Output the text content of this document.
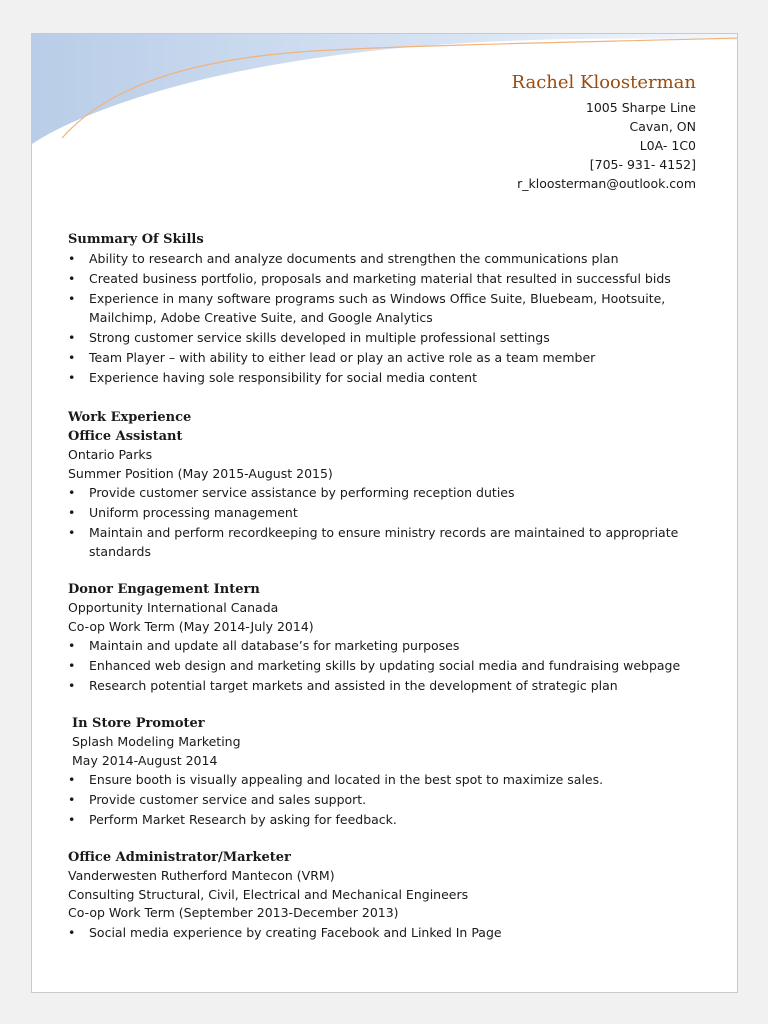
Rachel Kloosterman
1005 Sharpe Line
Cavan, ON
L0A- 1C0
[705- 931- 4152]
r_kloosterman@outlook.com
Summary Of Skills
• Ability to research and analyze documents and strengthen the communications plan
• Created business portfolio, proposals and marketing material that resulted in successful bids
• Experience in many software programs such as Windows Office Suite, Bluebeam, Hootsuite,
Mailchimp, Adobe Creative Suite, and Google Analytics
• Strong customer service skills developed in multiple professional settings
• Team Player – with ability to either lead or play an active role as a team member
• Experience having sole responsibility for social media content
Work Experience
Office Assistant
Ontario Parks
Summer Position (May 2015-August 2015)
• Provide customer service assistance by performing reception duties
• Uniform processing management
• Maintain and perform recordkeeping to ensure ministry records are maintained to appropriate
standards
Donor Engagement Intern
Opportunity International Canada
Co-op Work Term (May 2014-July 2014)
• Maintain and update all database’s for marketing purposes
• Enhanced web design and marketing skills by updating social media and fundraising webpage
• Research potential target markets and assisted in the development of strategic plan
In Store Promoter
Splash Modeling Marketing
May 2014-August 2014
• Ensure booth is visually appealing and located in the best spot to maximize sales.
• Provide customer service and sales support.
• Perform Market Research by asking for feedback.
Office Administrator/Marketer
Vanderwesten Rutherford Mantecon (VRM)
Consulting Structural, Civil, Electrical and Mechanical Engineers
Co-op Work Term (September 2013-December 2013)
• Social media experience by creating Facebook and Linked In Page
